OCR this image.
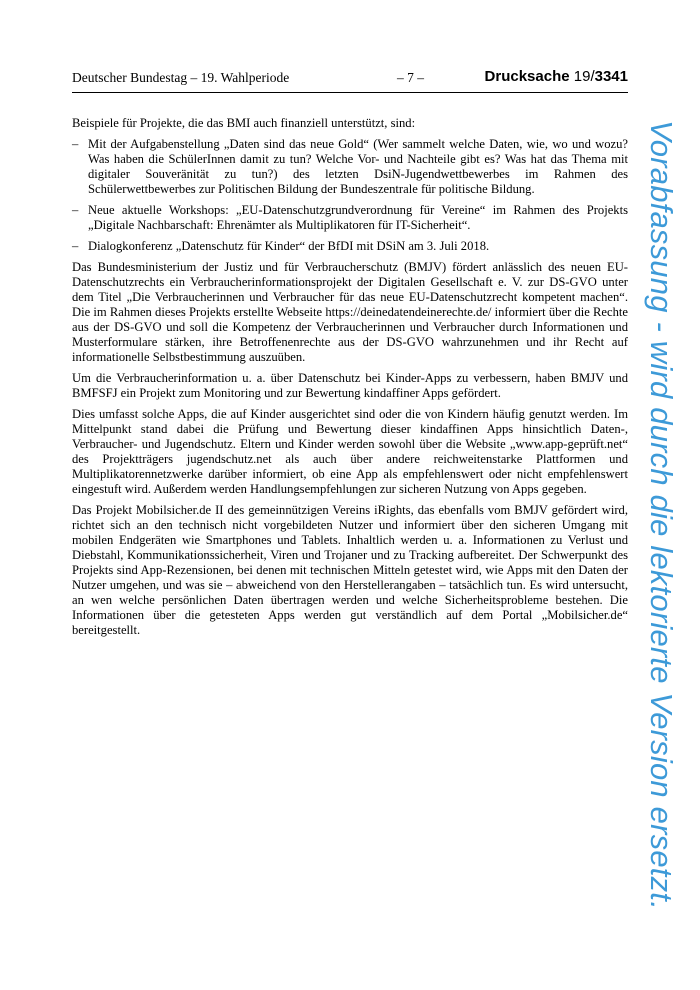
Deutscher Bundestag – 19. Wahlperiode	– 7 –	Drucksache 19/3341

Beispiele für Projekte, die das BMI auch finanziell unterstützt, sind:

– Mit der Aufgabenstellung „Daten sind das neue Gold“ (Wer sammelt welche Daten, wie, wo und wozu? Was haben die SchülerInnen damit zu tun? Welche Vor- und Nachteile gibt es? Was hat das Thema mit digitaler Souveränität zu tun?) des letzten DsiN-Jugendwettbewerbes im Rahmen des Schülerwettbewerbes zur Politischen Bildung der Bundeszentrale für politische Bildung.
– Neue aktuelle Workshops: „EU-Datenschutzgrundverordnung für Vereine“ im Rahmen des Projekts „Digitale Nachbarschaft: Ehrenämter als Multiplikatoren für IT-Sicherheit“.
– Dialogkonferenz „Datenschutz für Kinder“ der BfDI mit DSiN am 3. Juli 2018.

Das Bundesministerium der Justiz und für Verbraucherschutz (BMJV) fördert anlässlich des neuen EU-Datenschutzrechts ein Verbraucherinformationsprojekt der Digitalen Gesellschaft e. V. zur DS-GVO unter dem Titel „Die Verbraucherinnen und Verbraucher für das neue EU-Datenschutzrecht kompetent machen“. Die im Rahmen dieses Projekts erstellte Webseite https://deinedatendeinerechte.de/ informiert über die Rechte aus der DS-GVO und soll die Kompetenz der Verbraucherinnen und Verbraucher durch Informationen und Musterformulare stärken, ihre Betroffenenrechte aus der DS-GVO wahrzunehmen und ihr Recht auf informationelle Selbstbestimmung auszuüben.

Um die Verbraucherinformation u. a. über Datenschutz bei Kinder-Apps zu verbessern, haben BMJV und BMFSFJ ein Projekt zum Monitoring und zur Bewertung kindaffiner Apps gefördert.

Dies umfasst solche Apps, die auf Kinder ausgerichtet sind oder die von Kindern häufig genutzt werden. Im Mittelpunkt stand dabei die Prüfung und Bewertung dieser kindaffinen Apps hinsichtlich Daten-, Verbraucher- und Jugendschutz. Eltern und Kinder werden sowohl über die Website „www.app-geprüft.net“ des Projektträgers jugendschutz.net als auch über andere reichweitenstarke Plattformen und Multiplikatorennetzwerke darüber informiert, ob eine App als empfehlenswert oder nicht empfehlenswert eingestuft wird. Außerdem werden Handlungsempfehlungen zur sicheren Nutzung von Apps gegeben.

Das Projekt Mobilsicher.de II des gemeinnützigen Vereins iRights, das ebenfalls vom BMJV gefördert wird, richtet sich an den technisch nicht vorgebildeten Nutzer und informiert über den sicheren Umgang mit mobilen Endgeräten wie Smartphones und Tablets. Inhaltlich werden u. a. Informationen zu Verlust und Diebstahl, Kommunikationssicherheit, Viren und Trojaner und zu Tracking aufbereitet. Der Schwerpunkt des Projekts sind App-Rezensionen, bei denen mit technischen Mitteln getestet wird, wie Apps mit den Daten der Nutzer umgehen, und was sie – abweichend von den Herstellerangaben – tatsächlich tun. Es wird untersucht, an wen welche persönlichen Daten übertragen werden und welche Sicherheitsprobleme bestehen. Die Informationen über die getesteten Apps werden gut verständlich auf dem Portal „Mobilsicher.de“ bereitgestellt.	Vorabfassung - wird durch die lektorierte Version ersetzt.
